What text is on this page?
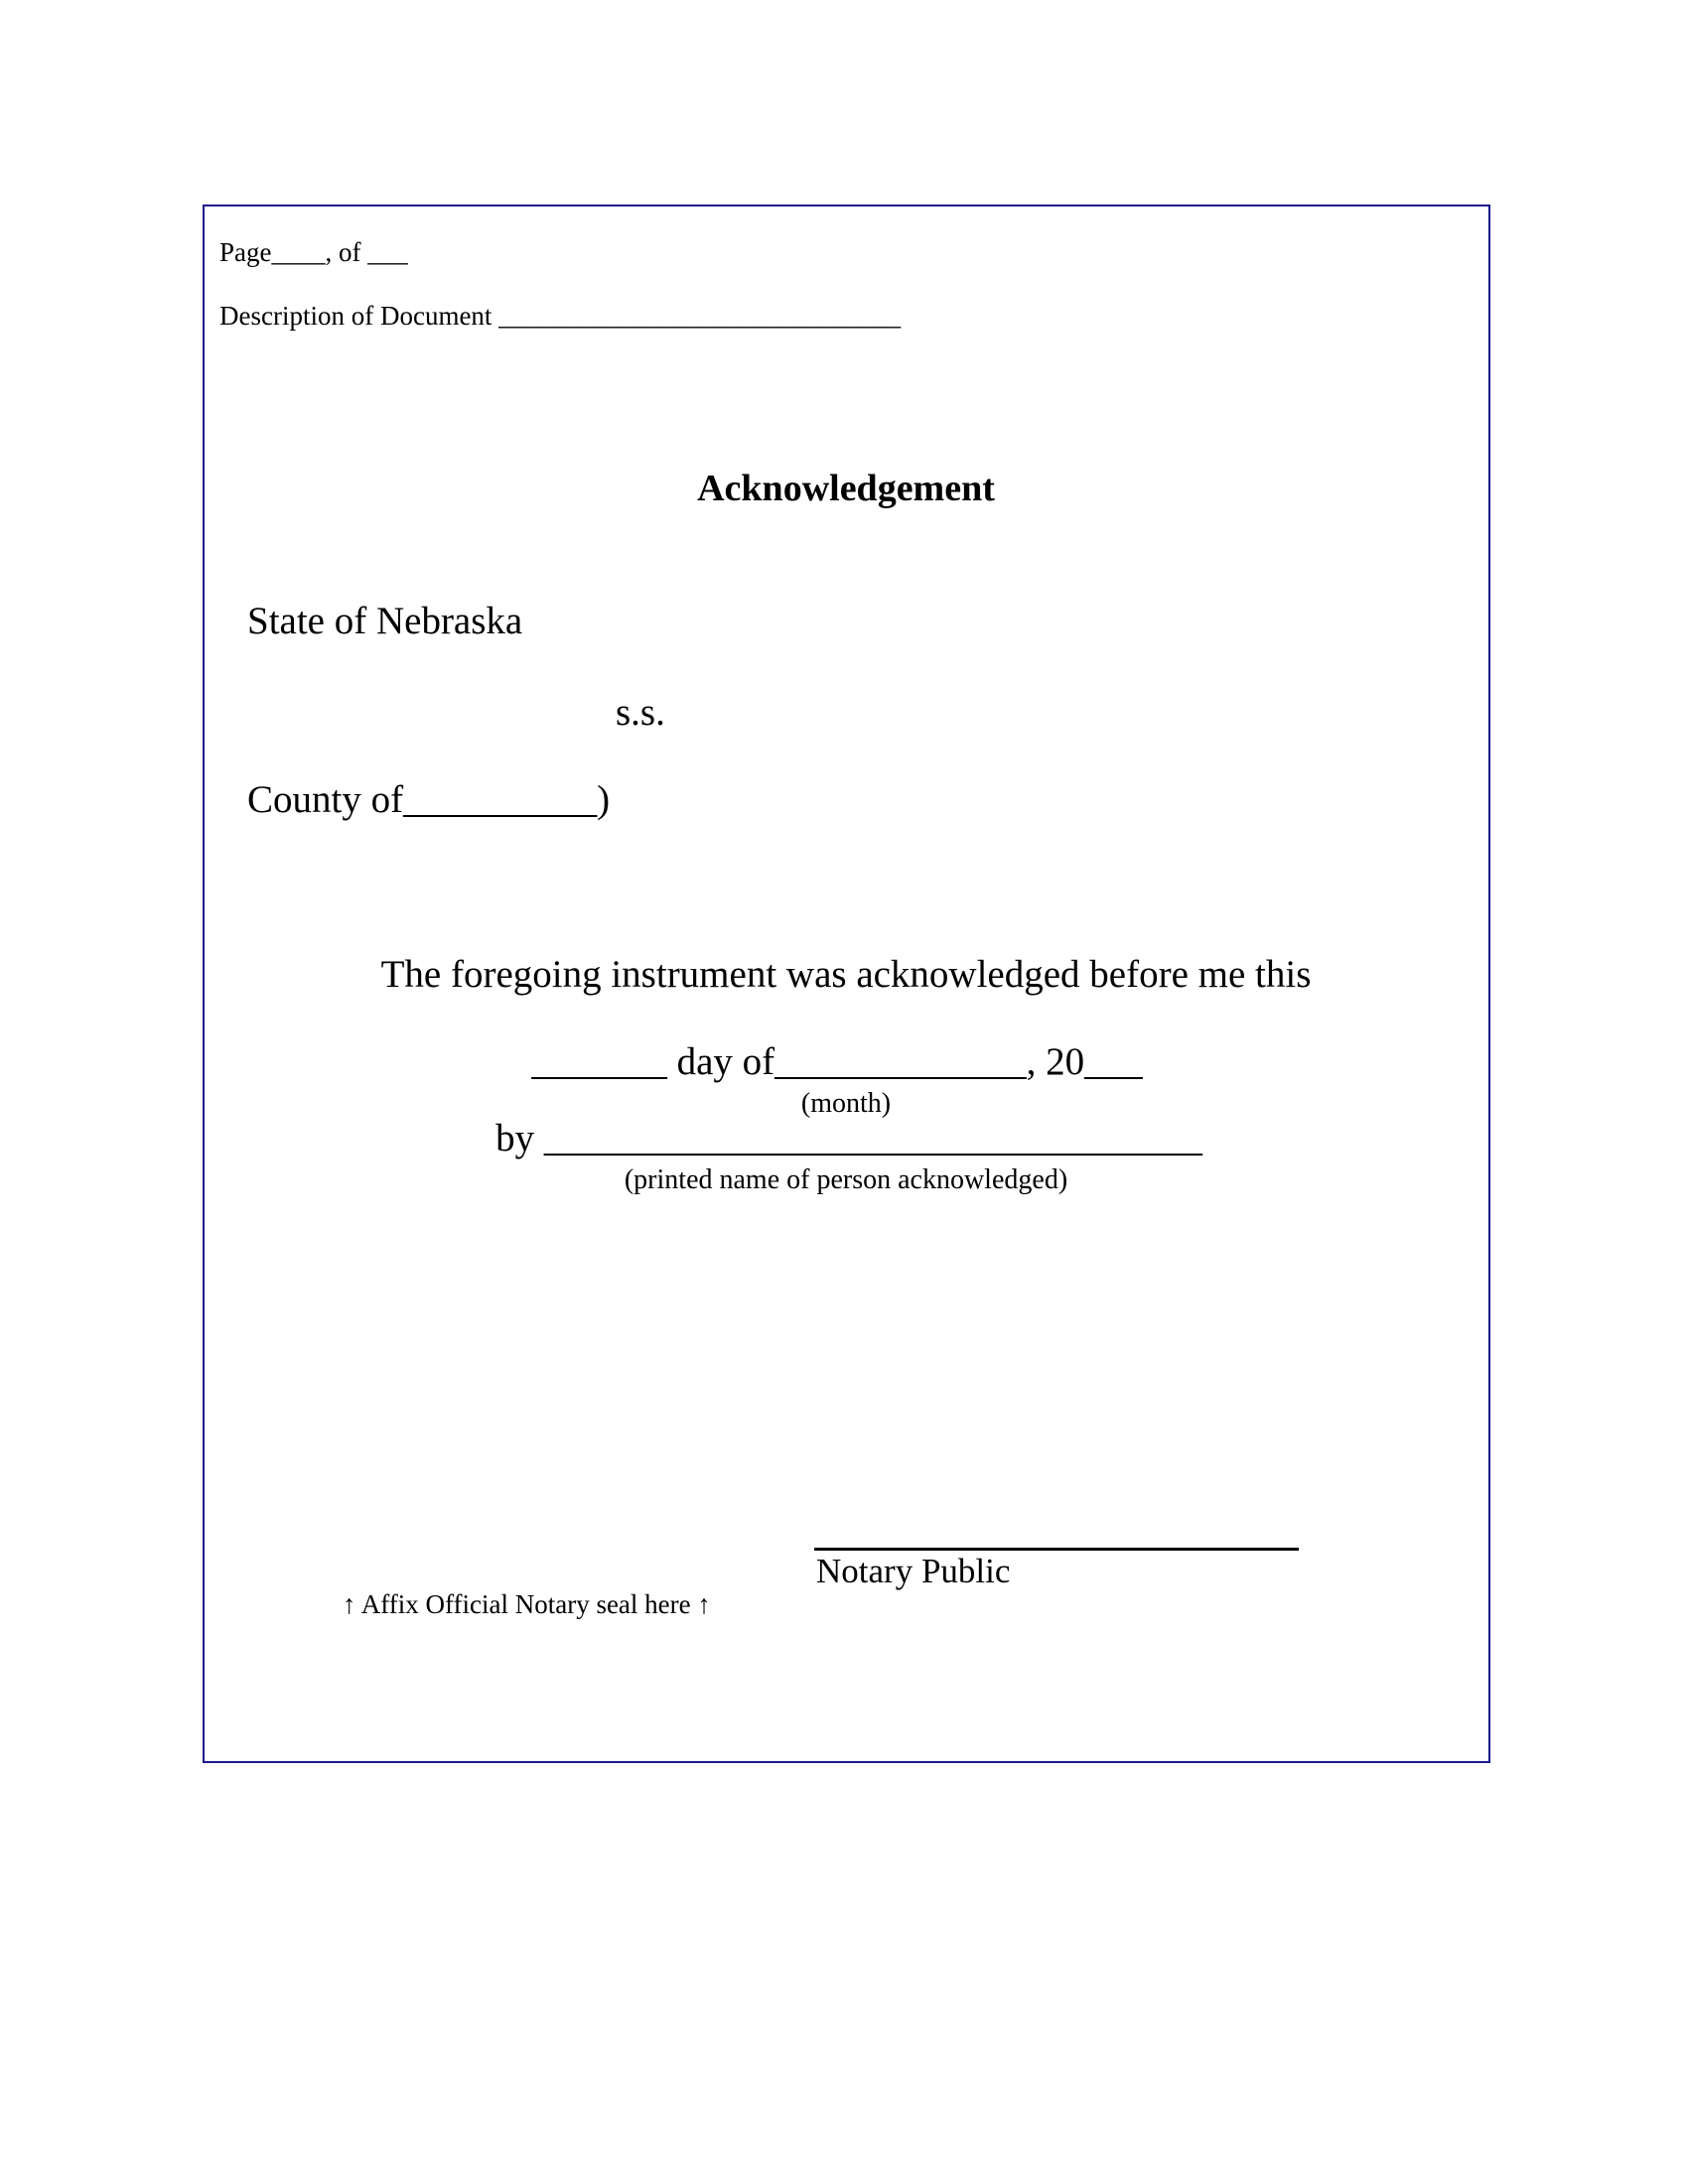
Page____, of ___
Description of Document ______________________________
Acknowledgement
State of Nebraska
s.s.
County of__________)
The foregoing instrument was acknowledged before me this
_______ day of_____________, 20___
(month)
by __________________________________
(printed name of person acknowledged)
Notary Public
↑ Affix Official Notary seal here ↑
